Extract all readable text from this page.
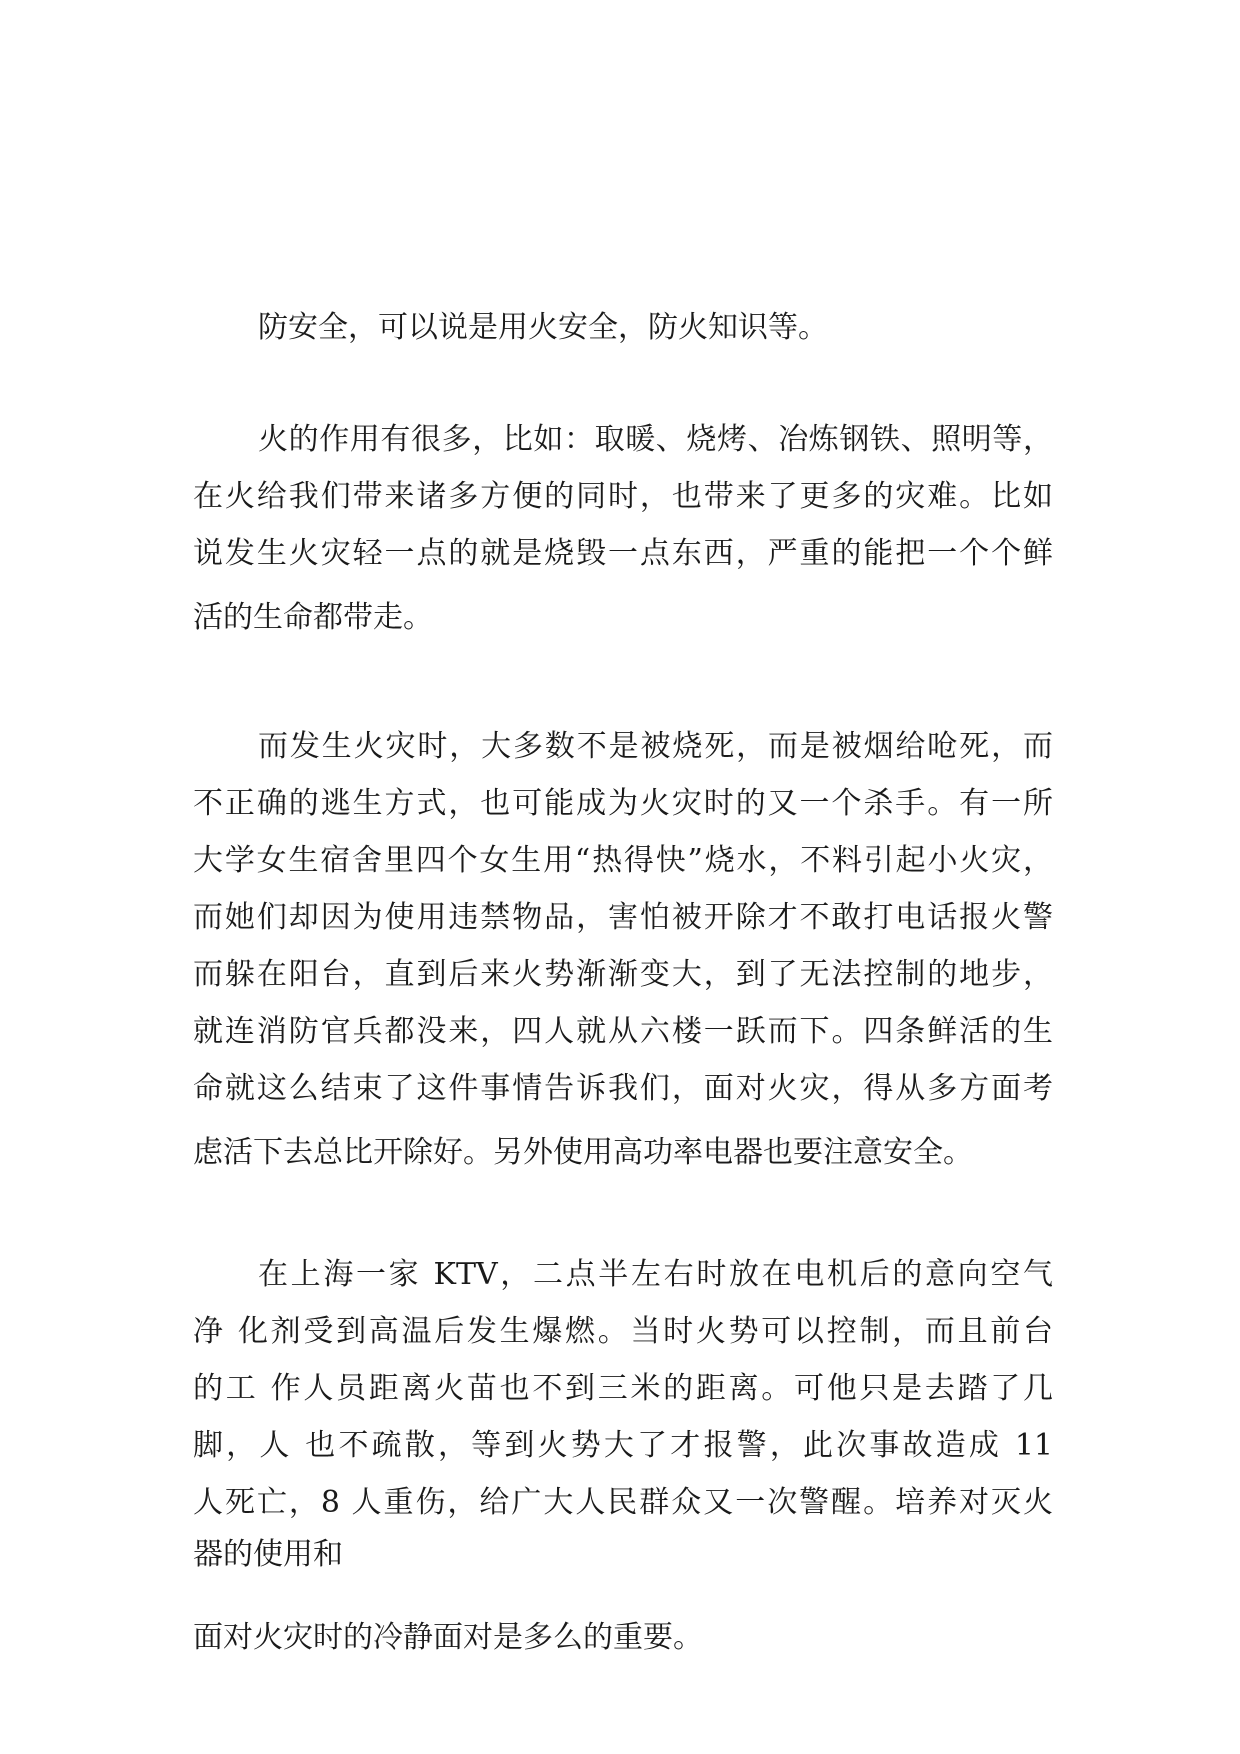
防安全，可以说是用火安全，防火知识等。
火的作用有很多，比如：取暖、烧烤、冶炼钢铁、照明等，
在火给我们带来诸多方便的同时，也带来了更多的灾难。比如
说发生火灾轻一点的就是烧毁一点东西，严重的能把一个个鲜
活的生命都带走。
而发生火灾时，大多数不是被烧死，而是被烟给呛死，而
不正确的逃生方式，也可能成为火灾时的又一个杀手。有一所
大学女生宿舍里四个女生用“热得快”烧水，不料引起小火灾，
而她们却因为使用违禁物品，害怕被开除才不敢打电话报火警
而躲在阳台，直到后来火势渐渐变大，到了无法控制的地步，
就连消防官兵都没来，四人就从六楼一跃而下。四条鲜活的生
命就这么结束了这件事情告诉我们，面对火灾，得从多方面考
虑活下去总比开除好。另外使用高功率电器也要注意安全。
在上海一家 KTV，二点半左右时放在电机后的意向空气
净 化剂受到高温后发生爆燃。当时火势可以控制，而且前台
的工 作人员距离火苗也不到三米的距离。可他只是去踏了几
脚，人 也不疏散，等到火势大了才报警，此次事故造成 11
人死亡，8 人重伤，给广大人民群众又一次警醒。培养对灭火
器的使用和
面对火灾时的冷静面对是多么的重要。
